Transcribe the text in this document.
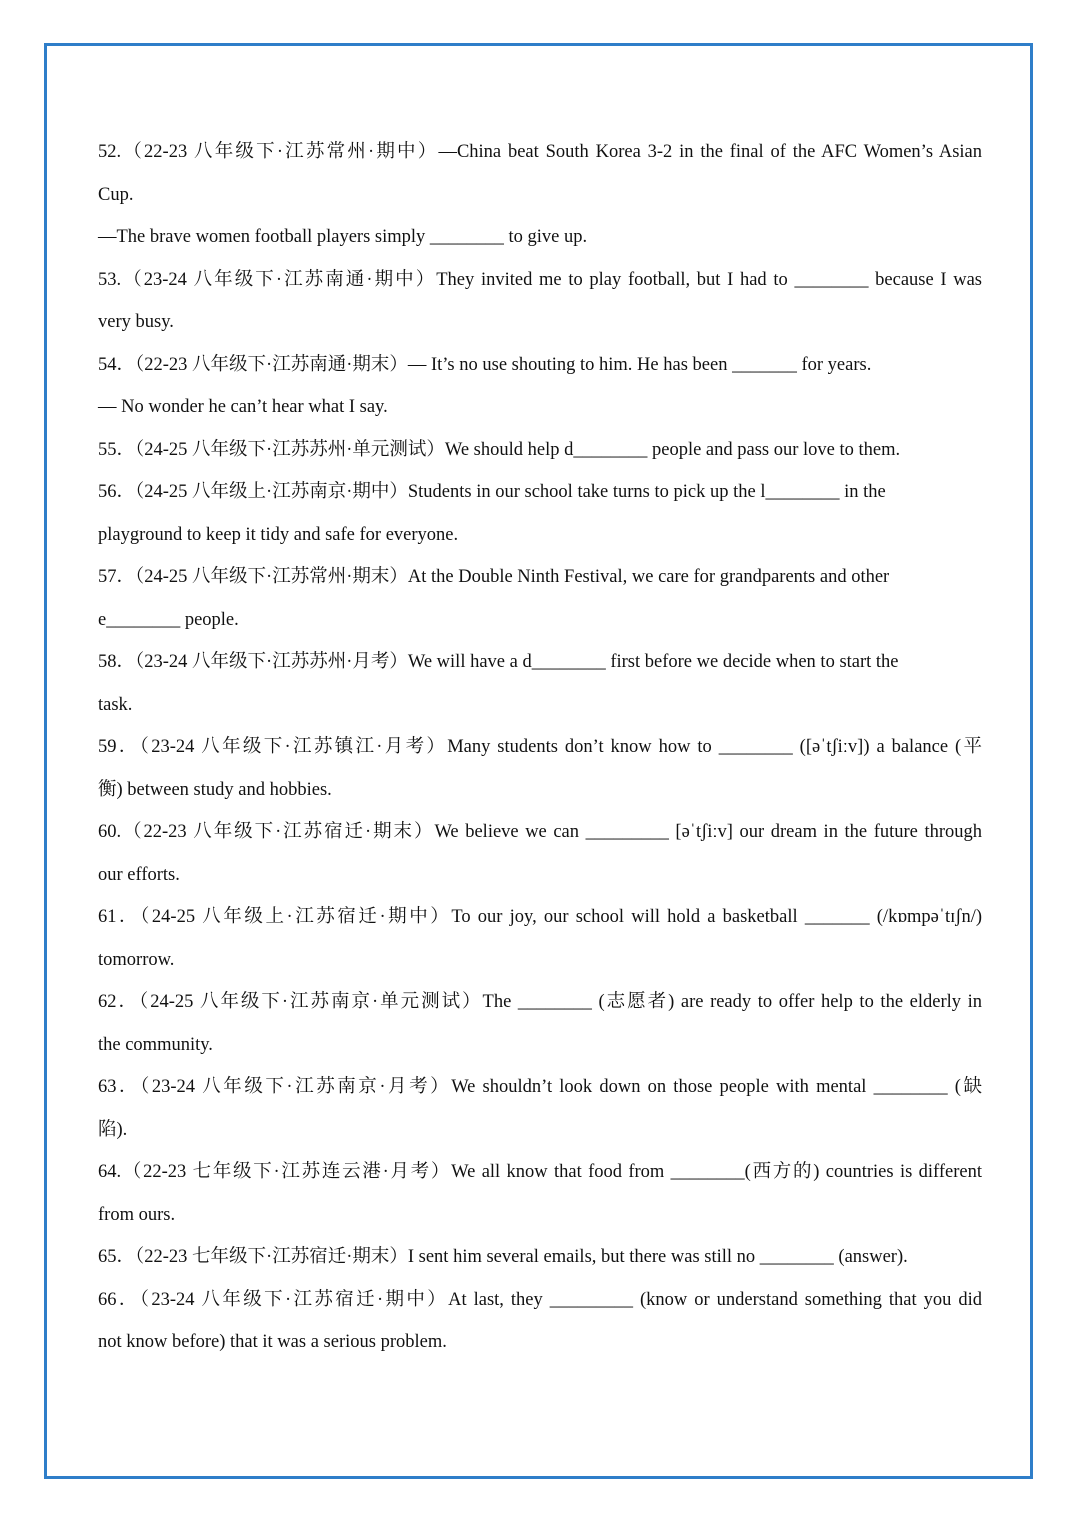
52.（22-23 八年级下·江苏常州·期中）—China beat South Korea 3-2 in the final of the AFC Women’s Asian
Cup.
—The brave women football players simply ________ to give up.
53.（23-24 八年级下·江苏南通·期中）They invited me to play football, but I had to ________ because I was
very busy.
54．（22-23 八年级下·江苏南通·期末）— It’s no use shouting to him. He has been _______ for years.
— No wonder he can’t hear what I say.
55．（24-25 八年级下·江苏苏州·单元测试）We should help d________ people and pass our love to them.
56．（24-25 八年级上·江苏南京·期中）Students in our school take turns to pick up the l________ in the
playground to keep it tidy and safe for everyone.
57．（24-25 八年级下·江苏常州·期末）At the Double Ninth Festival, we care for grandparents and other
e________ people.
58．（23-24 八年级下·江苏苏州·月考）We will have a d________ first before we decide when to start the
task.
59．（23-24 八年级下·江苏镇江·月考）Many students don’t know how to ________ ([əˈtʃiːv]) a balance (平
衡) between study and hobbies.
60.（22-23 八年级下·江苏宿迁·期末）We believe we can _________ [əˈtʃiːv] our dream in the future through
our efforts.
61．（24-25 八年级上·江苏宿迁·期中）To our joy, our school will hold a basketball _______ (/kɒmpəˈtɪʃn/)
tomorrow.
62．（24-25 八年级下·江苏南京·单元测试）The ________ (志愿者) are ready to offer help to the elderly in
the community.
63．（23-24 八年级下·江苏南京·月考）We shouldn’t look down on those people with mental ________ (缺
陷).
64.（22-23 七年级下·江苏连云港·月考）We all know that food from ________(西方的) countries is different
from ours.
65．（22-23 七年级下·江苏宿迁·期末）I sent him several emails, but there was still no ________ (answer).
66．（23-24 八年级下·江苏宿迁·期中）At last, they _________ (know or understand something that you did
not know before) that it was a serious problem.
